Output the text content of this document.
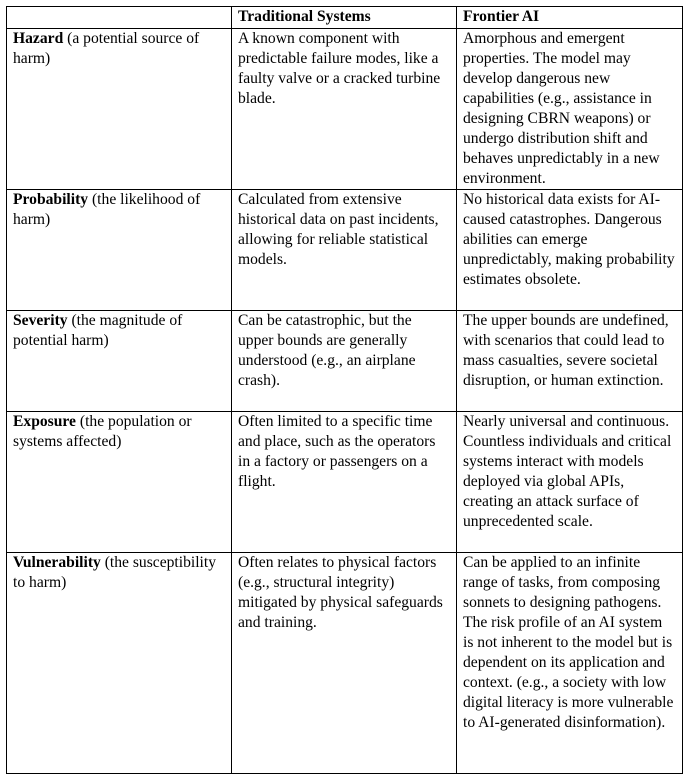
	Traditional Systems	Frontier AI
Hazard (a potential source of harm)	A known component with predictable failure modes, like a faulty valve or a cracked turbine blade.	Amorphous and emergent properties. The model may develop dangerous new capabilities (e.g., assistance in designing CBRN weapons) or undergo distribution shift and behaves unpredictably in a new environment.
Probability (the likelihood of harm)	Calculated from extensive historical data on past incidents, allowing for reliable statistical models.	No historical data exists for AI-caused catastrophes. Dangerous abilities can emerge unpredictably, making probability estimates obsolete.
Severity (the magnitude of potential harm)	Can be catastrophic, but the upper bounds are generally understood (e.g., an airplane crash).	The upper bounds are undefined, with scenarios that could lead to mass casualties, severe societal disruption, or human extinction.
Exposure (the population or systems affected)	Often limited to a specific time and place, such as the operators in a factory or passengers on a flight.	Nearly universal and continuous. Countless individuals and critical systems interact with models deployed via global APIs, creating an attack surface of unprecedented scale.
Vulnerability (the susceptibility to harm)	Often relates to physical factors (e.g., structural integrity) mitigated by physical safeguards and training.	Can be applied to an infinite range of tasks, from composing sonnets to designing pathogens. The risk profile of an AI system is not inherent to the model but is dependent on its application and context. (e.g., a society with low digital literacy is more vulnerable to AI-generated disinformation).
